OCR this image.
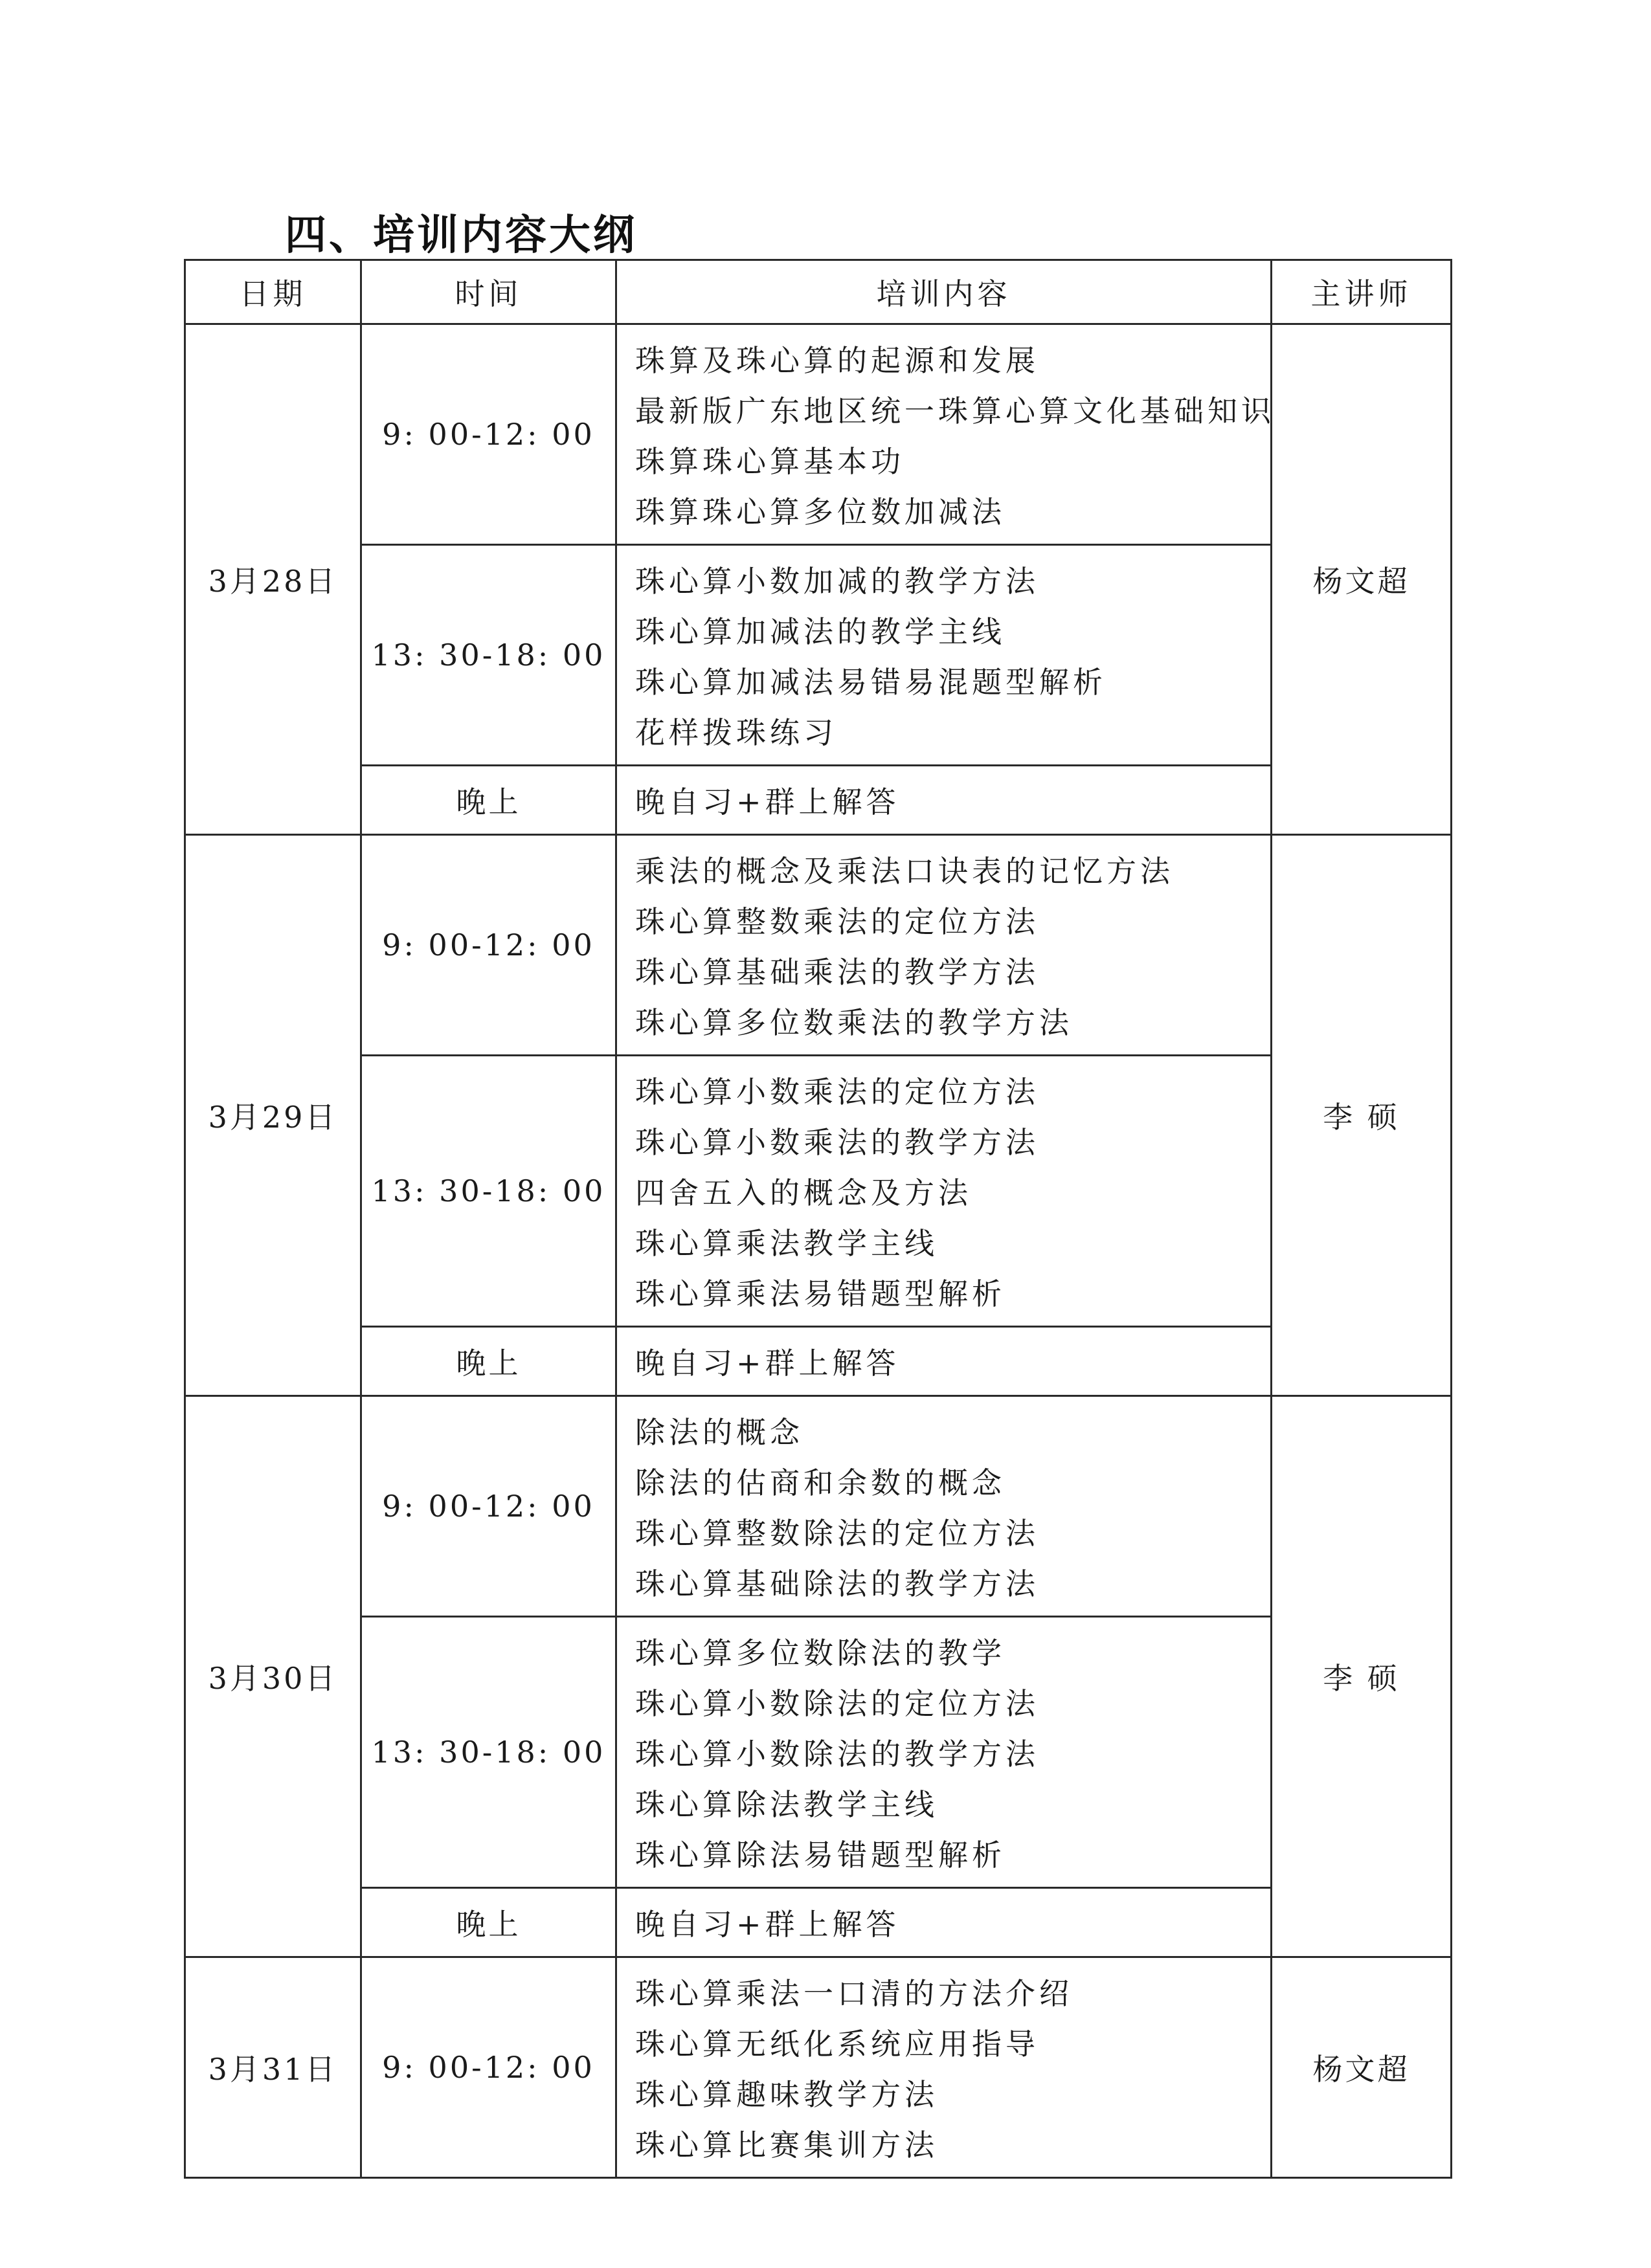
四、培训内容大纲
日期	时间	培训内容	主讲师
3月28日	9: 00-12: 00	珠算及珠心算的起源和发展
最新版广东地区统一珠算心算文化基础知识
珠算珠心算基本功
珠算珠心算多位数加减法	杨文超
	13: 30-18: 00	珠心算小数加减的教学方法
珠心算加减法的教学主线
珠心算加减法易错易混题型解析
花样拨珠练习	

	晚上	晚自习+群上解答	

3月29日	9: 00-12: 00	乘法的概念及乘法口诀表的记忆方法
珠心算整数乘法的定位方法
珠心算基础乘法的教学方法
珠心算多位数乘法的教学方法	李 硕
	13: 30-18: 00	珠心算小数乘法的定位方法
珠心算小数乘法的教学方法
四舍五入的概念及方法
珠心算乘法教学主线
珠心算乘法易错题型解析	

	晚上	晚自习+群上解答	

3月30日	9: 00-12: 00	除法的概念
除法的估商和余数的概念
珠心算整数除法的定位方法
珠心算基础除法的教学方法	李 硕
	13: 30-18: 00	珠心算多位数除法的教学
珠心算小数除法的定位方法
珠心算小数除法的教学方法
珠心算除法教学主线
珠心算除法易错题型解析	

	晚上	晚自习+群上解答	

3月31日	9: 00-12: 00	珠心算乘法一口清的方法介绍
珠心算无纸化系统应用指导
珠心算趣味教学方法
珠心算比赛集训方法	杨文超
